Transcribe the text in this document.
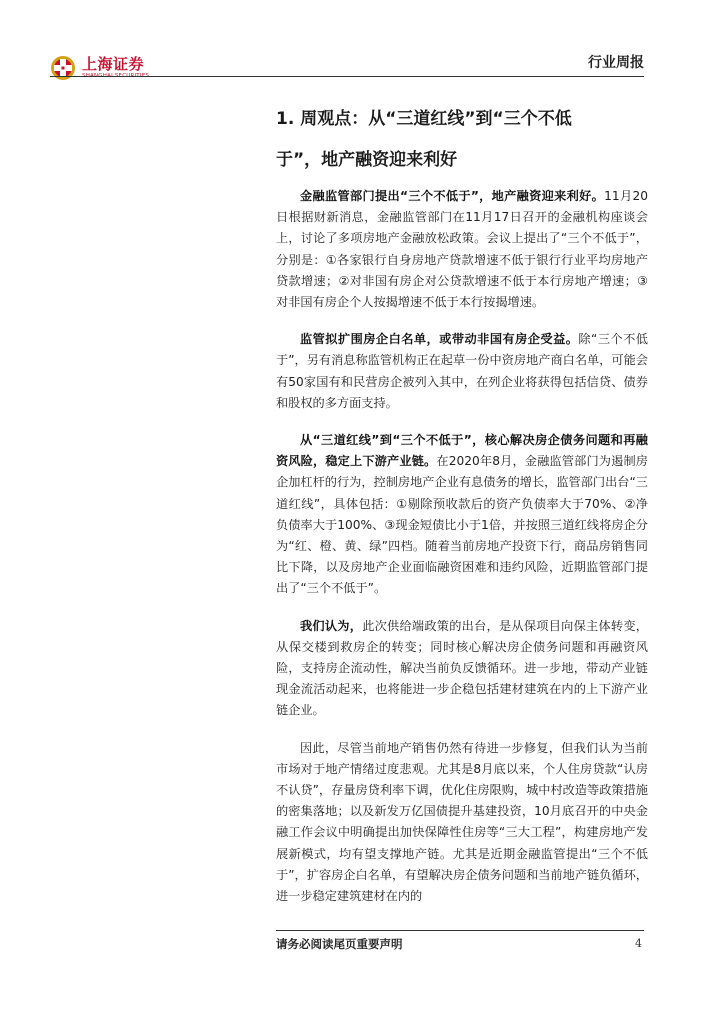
上海证券
SHANGHAI SECURITIES
行业周报
1. 周观点：从“三道红线”到“三个不低
于”，地产融资迎来利好

金融监管部门提出“三个不低于”，地产融资迎来利好。11月20日根据财新消息，金融监管部门在11月17日召开的金融机构座谈会上，讨论了多项房地产金融放松政策。会议上提出了“三个不低于”，分别是：①各家银行自身房地产贷款增速不低于银行行业平均房地产贷款增速；②对非国有房企对公贷款增速不低于本行房地产增速；③对非国有房企个人按揭增速不低于本行按揭增速。

监管拟扩围房企白名单，或带动非国有房企受益。除“三个不低于”，另有消息称监管机构正在起草一份中资房地产商白名单，可能会有50家国有和民营房企被列入其中，在列企业将获得包括信贷、债券和股权的多方面支持。

从“三道红线”到“三个不低于”，核心解决房企债务问题和再融资风险，稳定上下游产业链。在2020年8月，金融监管部门为遏制房企加杠杆的行为，控制房地产企业有息债务的增长，监管部门出台“三道红线”，具体包括：①剔除预收款后的资产负债率大于70%、②净负债率大于100%、③现金短债比小于1倍，并按照三道红线将房企分为“红、橙、黄、绿”四档。随着当前房地产投资下行，商品房销售同比下降，以及房地产企业面临融资困难和违约风险，近期监管部门提出了“三个不低于”。

我们认为，此次供给端政策的出台，是从保项目向保主体转变，从保交楼到救房企的转变；同时核心解决房企债务问题和再融资风险，支持房企流动性，解决当前负反馈循环。进一步地，带动产业链现金流活动起来，也将能进一步企稳包括建材建筑在内的上下游产业链企业。

因此，尽管当前地产销售仍然有待进一步修复，但我们认为当前市场对于地产情绪过度悲观。尤其是8月底以来，个人住房贷款“认房不认贷”，存量房贷利率下调，优化住房限购，城中村改造等政策措施的密集落地；以及新发万亿国债提升基建投资，10月底召开的中央金融工作会议中明确提出加快保障性住房等“三大工程”，构建房地产发展新模式，均有望支撑地产链。尤其是近期金融监管提出“三个不低于”，扩容房企白名单，有望解决房企债务问题和当前地产链负循环，进一步稳定建筑建材在内的

请务必阅读尾页重要声明	4
